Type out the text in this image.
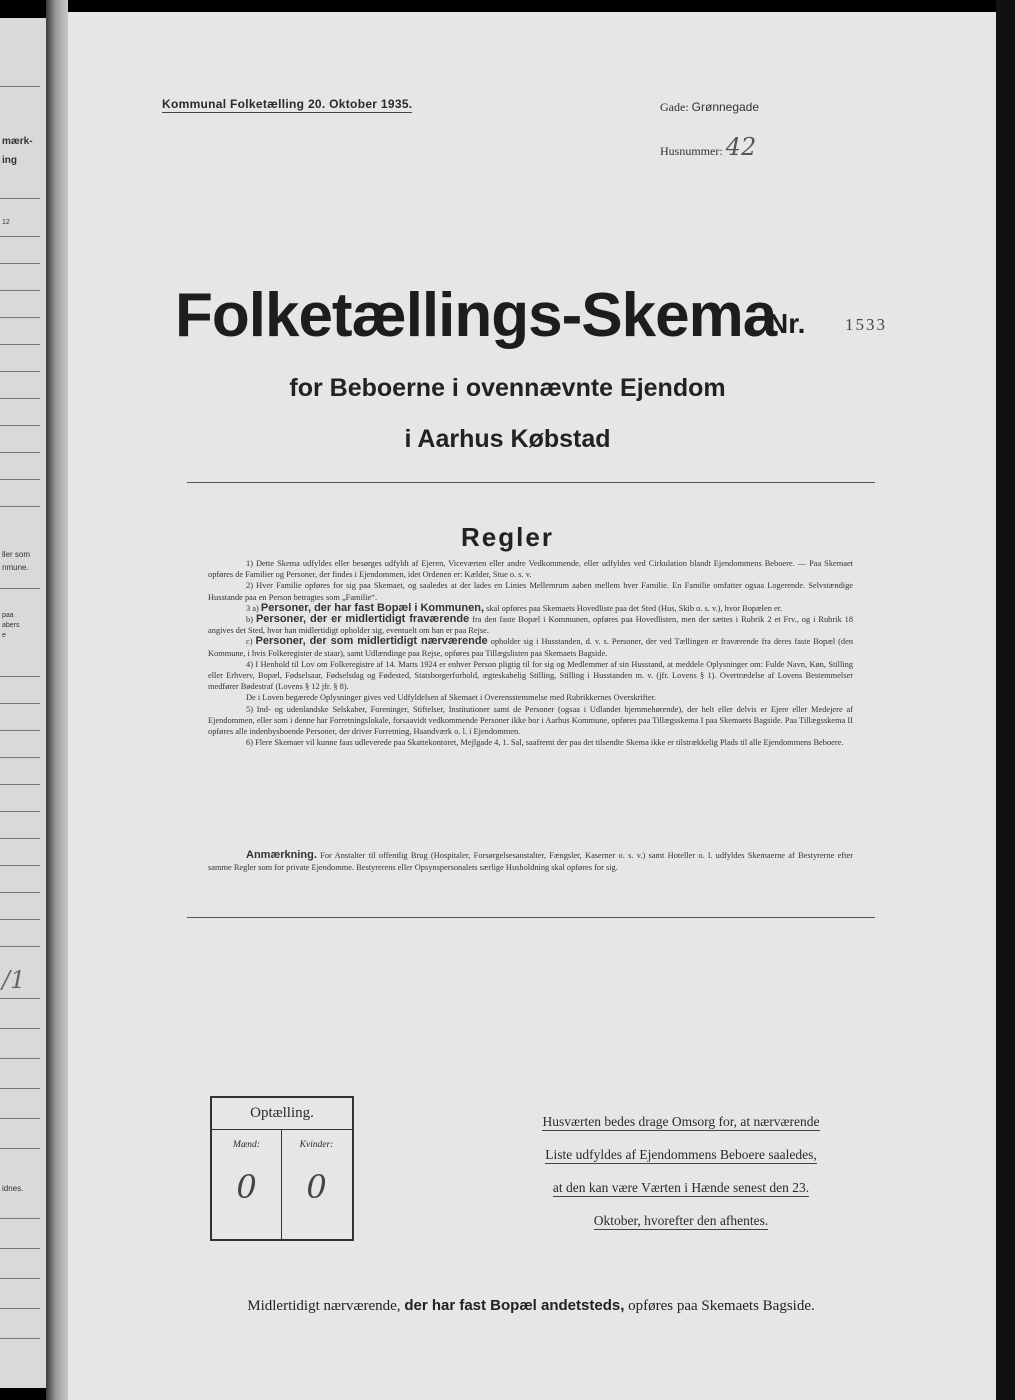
mærk-
ing
12
ller som
nmune.
paa
abers
e
/1
idnes.
Kommunal Folketælling 20. Oktober 1935.	Gade: Grønnegade
Husnummer: 42
Folketællings-Skema
Nr. 1533
for Beboerne i ovennævnte Ejendom
i Aarhus Købstad
Regler

1) Dette Skema udfyldes eller besørges udfyldt af Ejeren, Viceværten eller andre Vedkommende, eller udfyldes ved Cirkulation blandt Ejendommens Beboere. — Paa Skemaet opføres de Familier og Personer, der findes i Ejendommen, idet Ordenen er: Kælder, Stue o. s. v.

2) Hver Familie opføres for sig paa Skemaet, og saaledes at der lades en Linies Mellemrum aaben mellem hver Familie. En Familie omfatter ogsaa Logerende. Selvstændige Husstande paa en Person betragtes som „Familie“.

3 a) Personer, der har fast Bopæl i Kommunen, skal opføres paa Skemaets Hovedliste paa det Sted (Hus, Skib o. s. v.), hvor Bopælen er.

b) Personer, der er midlertidigt fraværende fra den faste Bopæl i Kommunen, opføres paa Hovedlisten, men der sættes i Rubrik 2 et Frv., og i Rubrik 18 angives det Sted, hvor han midlertidigt opholder sig, eventuelt om han er paa Rejse.

c) Personer, der som midlertidigt nærværende opholder sig i Husstanden, d. v. s. Personer, der ved Tællingen er fraværende fra deres faste Bopæl (den Kommune, i hvis Folkeregister de staar), samt Udlændinge paa Rejse, opføres paa Tillægslisten paa Skemaets Bagside.

4) I Henhold til Lov om Folkeregistre af 14. Marts 1924 er enhver Person pligtig til for sig og Medlemmer af sin Husstand, at meddele Oplysninger om: Fulde Navn, Køn, Stilling eller Erhverv, Bopæl, Fødselsaar, Fødselsdag og Fødested, Statsborgerforhold, ægteskabelig Stilling, Stilling i Husstanden m. v. (jfr. Lovens § 1). Overtrædelse af Lovens Bestemmelser medfører Bødestraf (Lovens § 12 jfr. § 8).

De i Loven begærede Oplysninger gives ved Udfyldelsen af Skemaet i Overensstemmelse med Rubrikkernes Overskrifter.

5) Ind- og udenlandske Selskaber, Foreninger, Stiftelser, Institutioner samt de Personer (ogsaa i Udlandet hjemmehørende), der helt eller delvis er Ejere eller Medejere af Ejendommen, eller som i denne har Forretningslokale, forsaavidt vedkommende Personer ikke bor i Aarhus Kommune, opføres paa Tillægsskema I paa Skemaets Bagside. Paa Tillægsskema II opføres alle indenbysboende Personer, der driver Forretning, Haandværk o. l. i Ejendommen.

6) Flere Skemaer vil kunne faas udleverede paa Skattekontoret, Mejlgade 4, 1. Sal, saafremt der paa det tilsendte Skema ikke er tilstrækkelig Plads til alle Ejendommens Beboere.

Anmærkning. For Anstalter til offentlig Brug (Hospitaler, Forsørgelsesanstalter, Fængsler, Kaserner o. s. v.) samt Hoteller o. l. udfyldes Skemaerne af Bestyrerne efter samme Regler som for private Ejendomme. Bestyrerens eller Opsynspersonalets særlige Husholdning skal opføres for sig.
Optælling.
Mænd:
0
Kvinder:
0
Husværten bedes drage Omsorg for, at nærværende
Liste udfyldes af Ejendommens Beboere saaledes,
at den kan være Værten i Hænde senest den 23.
Oktober, hvorefter den afhentes.
Midlertidigt nærværende, der har fast Bopæl andetsteds, opføres paa Skemaets Bagside.
